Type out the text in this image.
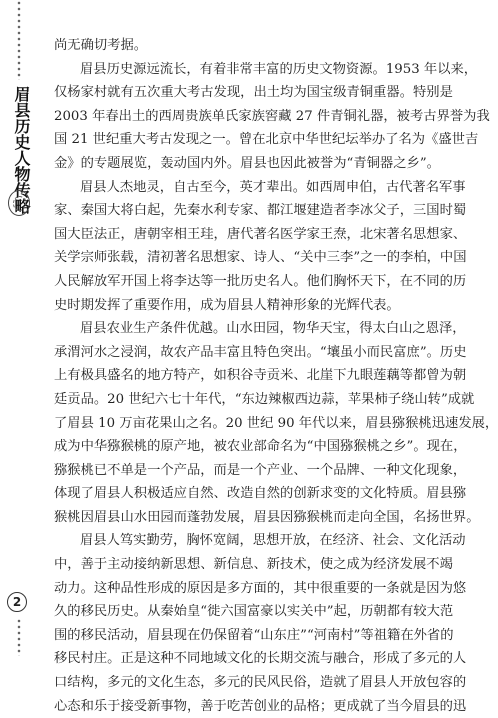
眉县历史人物传略
2
尚无确切考据。
眉县历史源远流长，有着非常丰富的历史文物资源。1953 年以来，
仅杨家村就有五次重大考古发现，出土均为国宝级青铜重器。特别是
2003 年春出土的西周贵族单氏家族窖藏 27 件青铜礼器，被考古界誉为我
国 21 世纪重大考古发现之一。曾在北京中华世纪坛举办了名为《盛世吉
金》的专题展览，轰动国内外。眉县也因此被誉为“青铜器之乡”。
眉县人杰地灵，自古至今，英才辈出。如西周申伯，古代著名军事
家、秦国大将白起，先秦水利专家、都江堰建造者李冰父子，三国时蜀
国大臣法正，唐朝宰相王珪，唐代著名医学家王焘，北宋著名思想家、
关学宗师张载，清初著名思想家、诗人、“关中三李”之一的李柏，中国
人民解放军开国上将李达等一批历史名人。他们胸怀天下，在不同的历
史时期发挥了重要作用，成为眉县人精神形象的光辉代表。
眉县农业生产条件优越。山水田园，物华天宝，得太白山之恩泽，
承渭河水之浸润，故农产品丰富且特色突出。“壤虽小而民富庶”。历史
上有极具盛名的地方特产，如积谷寺贡米、北崖下九眼莲藕等都曾为朝
廷贡品。20 世纪六七十年代，“东边辣椒西边蒜，苹果柿子绕山转”成就
了眉县 10 万亩花果山之名。20 世纪 90 年代以来，眉县猕猴桃迅速发展，
成为中华猕猴桃的原产地，被农业部命名为“中国猕猴桃之乡”。现在，
猕猴桃已不单是一个产品，而是一个产业、一个品牌、一种文化现象，
体现了眉县人积极适应自然、改造自然的创新求变的文化特质。眉县猕
猴桃因眉县山水田园而蓬勃发展，眉县因猕猴桃而走向全国，名扬世界。
眉县人笃实勤劳，胸怀宽阔，思想开放，在经济、社会、文化活动
中，善于主动接纳新思想、新信息、新技术，使之成为经济发展不竭
动力。这种品性形成的原因是多方面的，其中很重要的一条就是因为悠
久的移民历史。从秦始皇“徙六国富豪以实关中”起，历朝都有较大范
围的移民活动，眉县现在仍保留着“山东庄”“河南村”等祖籍在外省的
移民村庄。正是这种不同地域文化的长期交流与融合，形成了多元的人
口结构，多元的文化生态，多元的民风民俗，造就了眉县人开放包容的
心态和乐于接受新事物，善于吃苦创业的品格；更成就了当今眉县的迅
